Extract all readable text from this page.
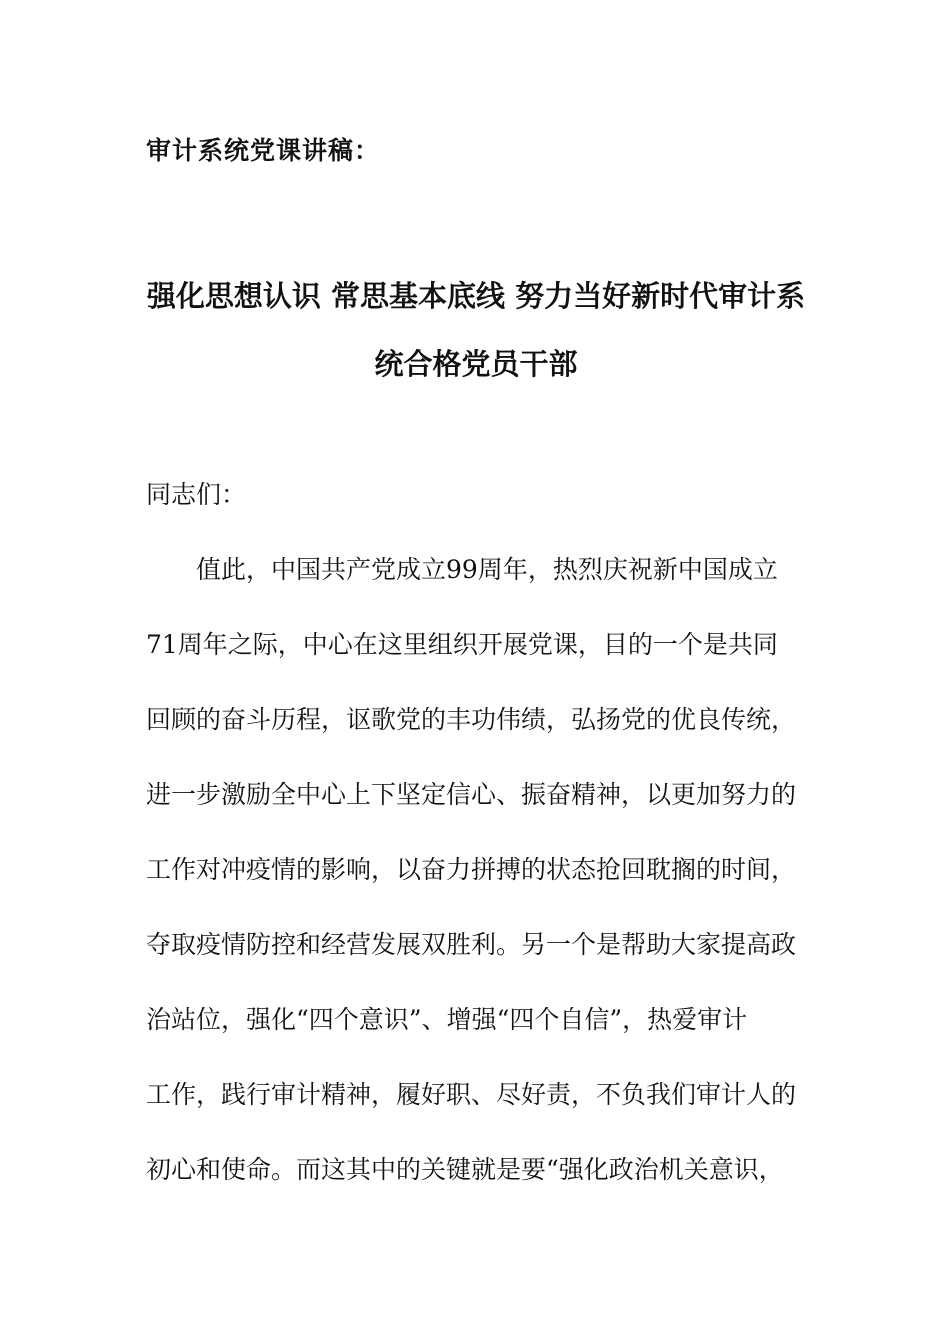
审计系统党课讲稿：
强化思想认识 常思基本底线 努力当好新时代审计系
统合格党员干部
同志们：
值此，中国共产党成立99周年，热烈庆祝新中国成立
71周年之际，中心在这里组织开展党课，目的一个是共同
回顾的奋斗历程，讴歌党的丰功伟绩，弘扬党的优良传统，
进一步激励全中心上下坚定信心、振奋精神，以更加努力的
工作对冲疫情的影响，以奋力拼搏的状态抢回耽搁的时间，
夺取疫情防控和经营发展双胜利。另一个是帮助大家提高政
治站位，强化“四个意识”、增强“四个自信”，热爱审计
工作，践行审计精神，履好职、尽好责，不负我们审计人的
初心和使命。而这其中的关键就是要“强化政治机关意识，
